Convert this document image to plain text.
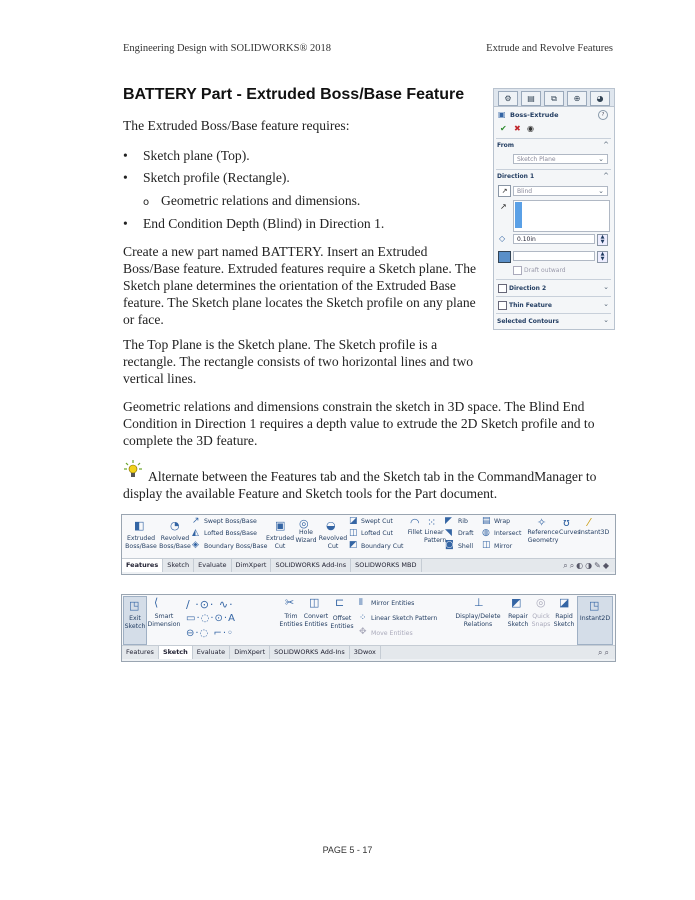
Engineering Design with SOLIDWORKS® 2018	Extrude and Revolve Features
BATTERY Part - Extruded Boss/Base Feature

The Extruded Boss/Base feature requires:

• Sketch plane (Top).
• Sketch profile (Rectangle).
o Geometric relations and dimensions.
• End Condition Depth (Blind) in Direction 1.
Create a new part named BATTERY. Insert an Extruded
Boss/Base feature. Extruded features require a Sketch plane. The
Sketch plane determines the orientation of the Extruded Base
feature. The Sketch plane locates the Sketch profile on any plane
or face.
The Top Plane is the Sketch plane. The Sketch profile is a
rectangle. The rectangle consists of two horizontal lines and two
vertical lines.
Geometric relations and dimensions constrain the sketch in 3D space. The Blind End
Condition in Direction 1 requires a depth value to extrude the 2D Sketch profile and to
complete the 3D feature.
Alternate between the Features tab and the Sketch tab in the CommandManager to
display the available Feature and Sketch tools for the Part document.
⚙	▤	⧉	⊕	◕
▣ Boss-Extrude	?
✔ ✖ ◉
From	^
Sketch Plane	⌄
Direction 1	^
↗	Blind	⌄
↗
◇	0.10in	▲
▼
▲
▼
Draft outward
Direction 2	⌄
Thin Feature	⌄
Selected Contours	⌄
◧
Extruded Boss/Base
◔
Revolved Boss/Base
↗ Swept Boss/Base
◭ Lofted Boss/Base
◈ Boundary Boss/Base
▣
Extruded Cut
◎
Hole Wizard
◒
Revolved Cut
◪ Swept Cut
◫ Lofted Cut
◩ Boundary Cut
◠
Fillet
⁙
Linear Pattern
◤ Rib
◥ Draft
◙ Shell
▤ Wrap
◍ Intersect
◫ Mirror
✧
Reference Geometry
ʊ
Curves
⁄
Instant3D
Features	Sketch	Evaluate	DimXpert	SOLIDWORKS Add-Ins	SOLIDWORKS MBD	⌕⌕◐◑✎◆
◳
Exit Sketch
⟨
Smart Dimension
∕ ·⊙· ∿·
▭·◌·⊙·A
⊖·◌ ⌐·◦
✂
Trim Entities
◫
Convert Entities
⊏
Offset Entities
⫴ Mirror Entities
⁘ Linear Sketch Pattern
✥ Move Entities
⊥
Display/Delete Relations
◩
Repair Sketch
◎
Quick Snaps
◪
Rapid Sketch
◳
Instant2D
Features	Sketch	Evaluate	DimXpert	SOLIDWORKS Add-Ins	3Dwox	⌕⌕
PAGE 5 - 17
